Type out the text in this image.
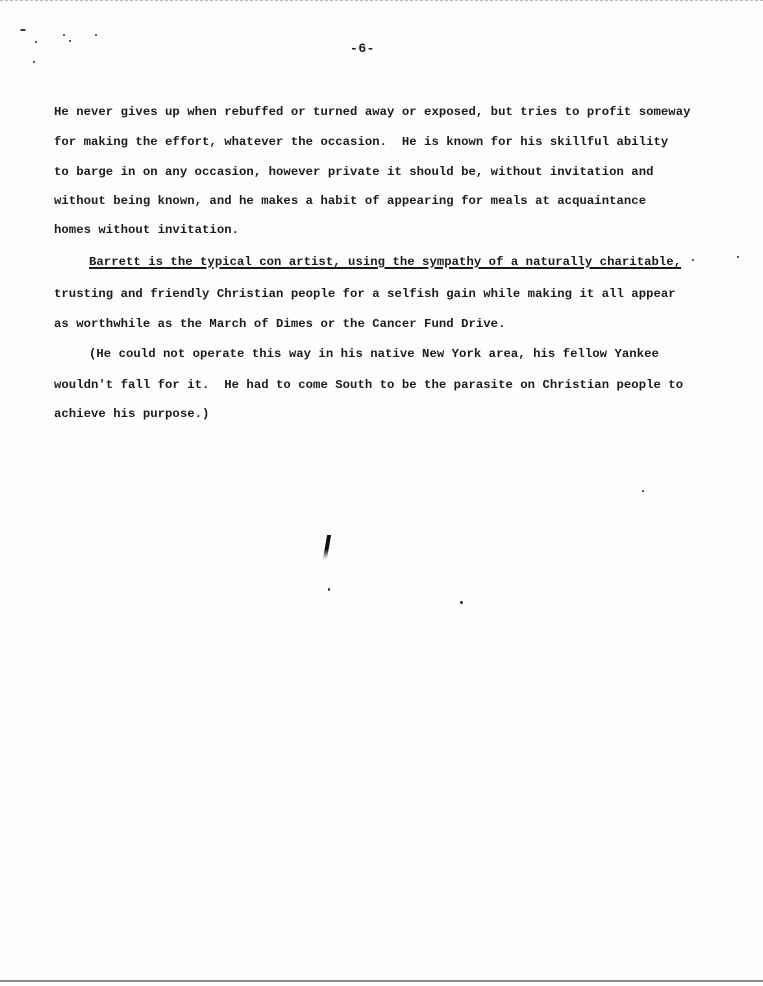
-6-
He never gives up when rebuffed or turned away or exposed, but tries to profit someway
for making the effort, whatever the occasion.  He is known for his skillful ability
to barge in on any occasion, however private it should be, without invitation and
without being known, and he makes a habit of appearing for meals at acquaintance
homes without invitation.
Barrett is the typical con artist, using the sympathy of a naturally charitable,
trusting and friendly Christian people for a selfish gain while making it all appear
as worthwhile as the March of Dimes or the Cancer Fund Drive.
(He could not operate this way in his native New York area, his fellow Yankee
wouldn't fall for it.  He had to come South to be the parasite on Christian people to
achieve his purpose.)
